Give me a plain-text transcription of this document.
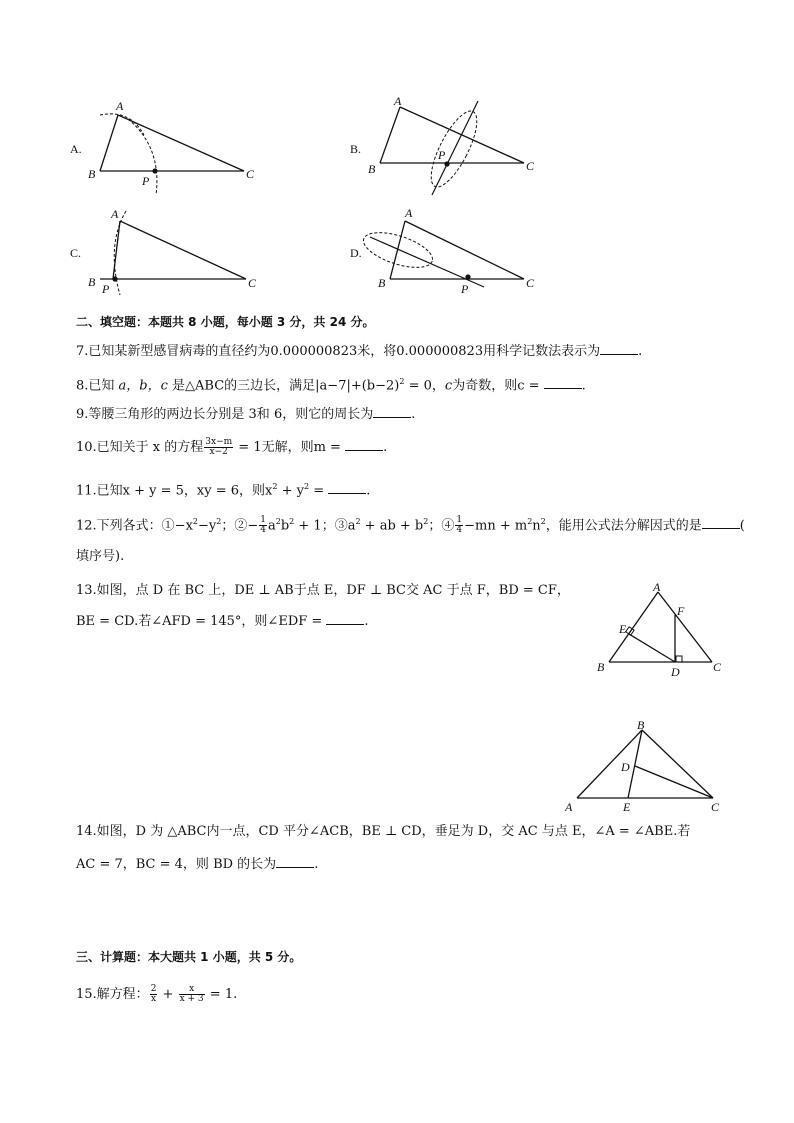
A.
A
B	C
P
B.
A
B	C
P
C.
A
B	C
P
D.
A
B	C
P
二、填空题：本题共 8 小题，每小题 3 分，共 24 分。
7.已知某新型感冒病毒的直径约为0.000000823米，将0.000000823用科学记数法表示为	.
8.已知 a，b，c 是△ABC的三边长，满足$|a-7|+(b-2)^2 = 0$，c为奇数，则c =	.
9.等腰三角形的两边长分别是 3和 6，则它的周长为	.
10.已知关于 x 的方程 $\frac{3x-m}{x-2} = 1$无解，则m =	.
11.已知x + y = 5，xy = 6，则$x^2 + y^2$ =	.
12.下列各式：$①-x^2-y^2$；②− $\frac{1}{4} a^2b^2 + 1$；$③a^2$ + ab + $b^2$；④ $\frac{1}{4} -mn + m^2n^2$，能用公式法分解因式的是	(
填序号).
13.如图，点 D 在 BC 上，DE ⊥ AB于点 E，DF ⊥ BC交 AC 于点 F，BD = CF，
BE = CD.若∠AFD = 145°，则∠EDF =	.
A
F
E
B	D	C
B
D
A	E	C
14.如图，D 为 △ABC内一点，CD 平分∠ACB，BE ⊥ CD，垂足为 D，交 AC 与点 E，∠A = ∠ABE.若
AC = 7，BC = 4，则 BD 的长为	.
三、计算题：本大题共 1 小题，共 5 分。
15.解方程： $\frac{2}{x} + \frac{x}{x + 3} = 1$.
